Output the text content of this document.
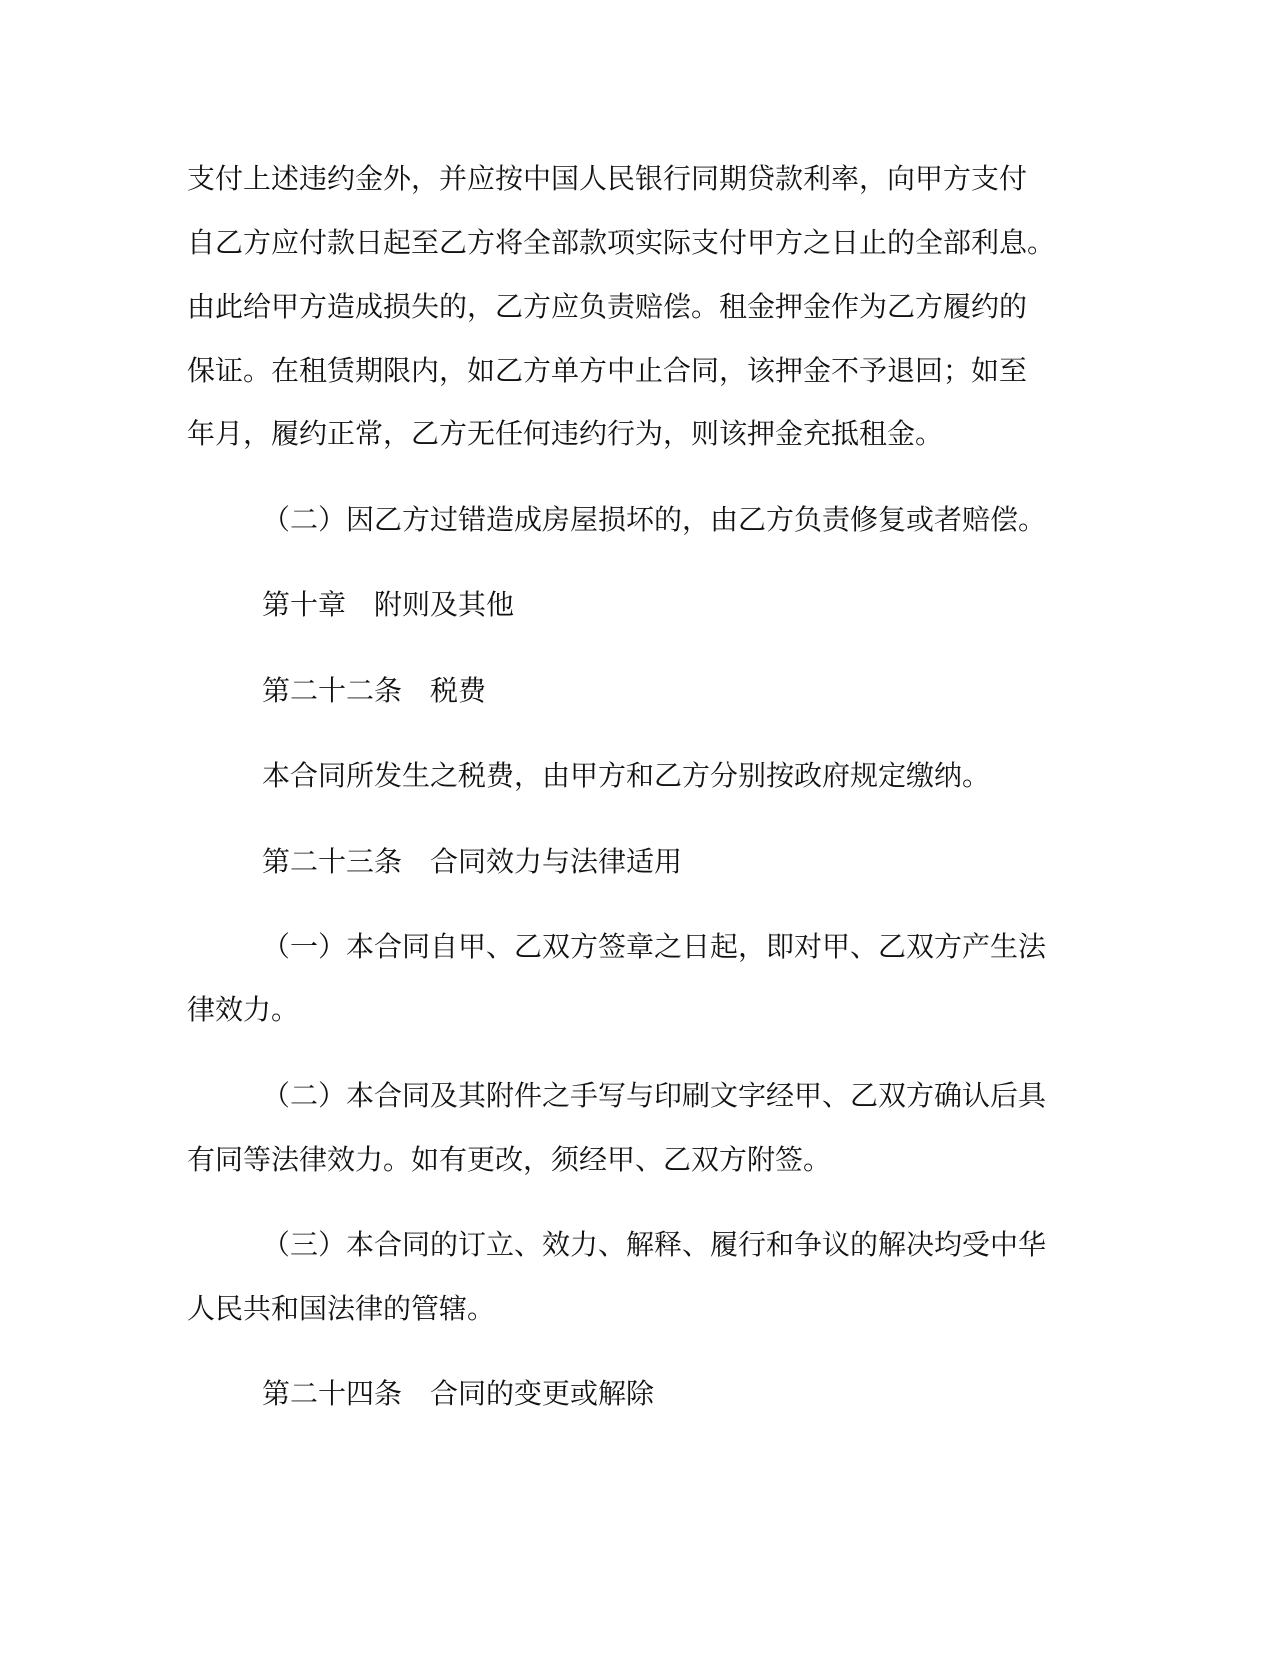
支付上述违约金外，并应按中国人民银行同期贷款利率，向甲方支付
自乙方应付款日起至乙方将全部款项实际支付甲方之日止的全部利息。
由此给甲方造成损失的，乙方应负责赔偿。租金押金作为乙方履约的
保证。在租赁期限内，如乙方单方中止合同，该押金不予退回；如至
年月，履约正常，乙方无任何违约行为，则该押金充抵租金。
（二）因乙方过错造成房屋损坏的，由乙方负责修复或者赔偿。
第十章　附则及其他
第二十二条　税费
本合同所发生之税费，由甲方和乙方分别按政府规定缴纳。
第二十三条　合同效力与法律适用
（一）本合同自甲、乙双方签章之日起，即对甲、乙双方产生法
律效力。
（二）本合同及其附件之手写与印刷文字经甲、乙双方确认后具
有同等法律效力。如有更改，须经甲、乙双方附签。
（三）本合同的订立、效力、解释、履行和争议的解决均受中华
人民共和国法律的管辖。
第二十四条　合同的变更或解除
